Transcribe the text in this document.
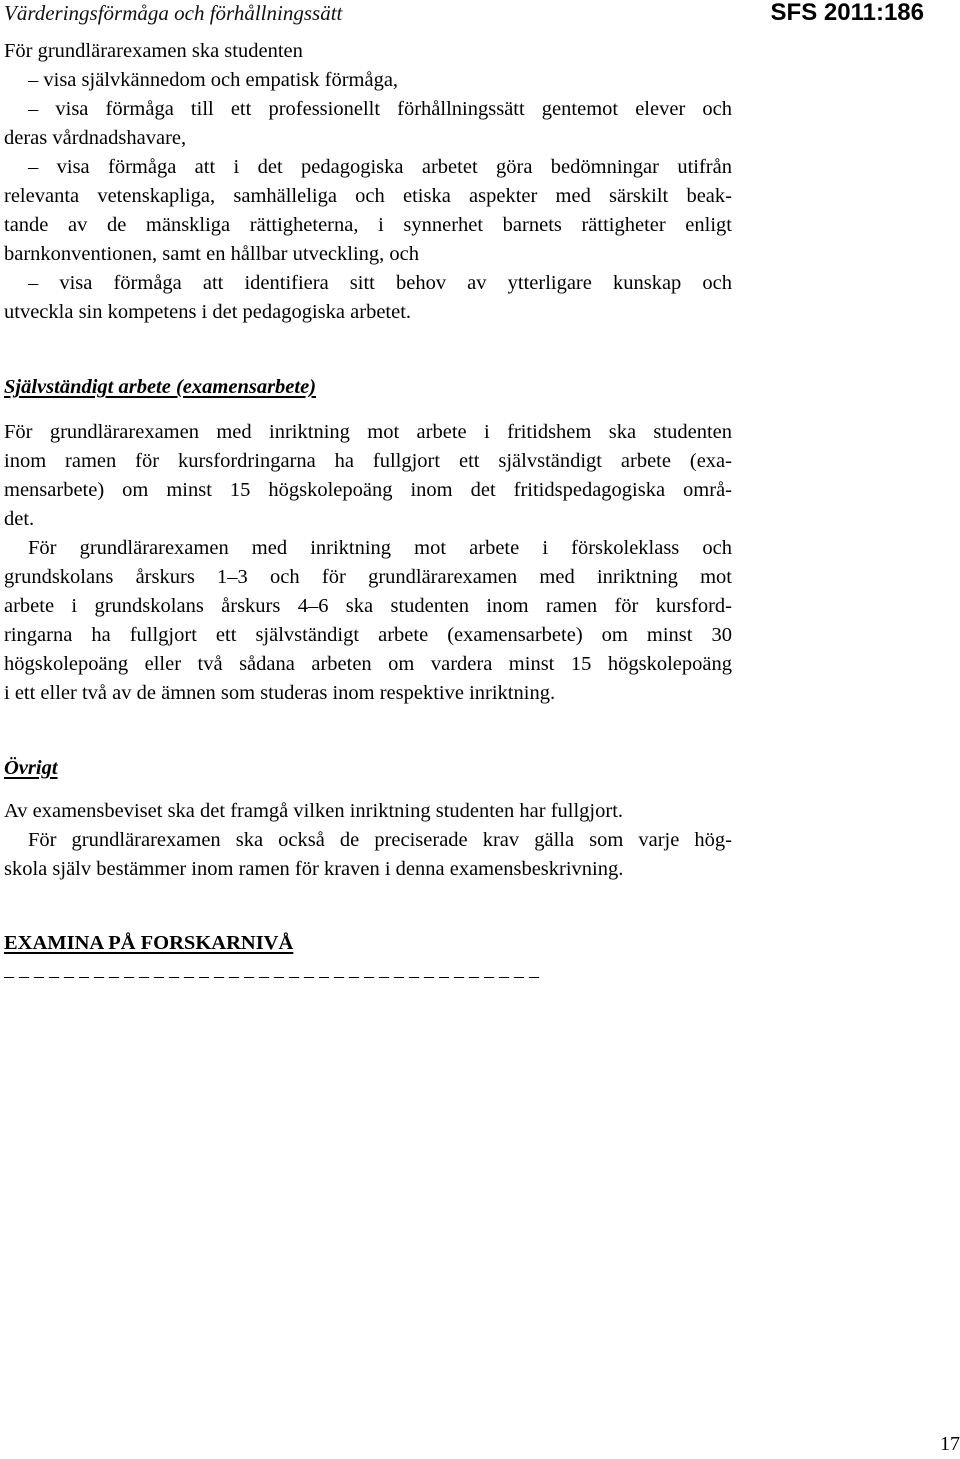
Värderingsförmåga och förhållningssätt	SFS 2011:186
För grundlärarexamen ska studenten
– visa självkännedom och empatisk förmåga,
– visa förmåga till ett professionellt förhållningssätt gentemot elever och
deras vårdnadshavare,
– visa förmåga att i det pedagogiska arbetet göra bedömningar utifrån
relevanta vetenskapliga, samhälleliga och etiska aspekter med särskilt beak-
tande av de mänskliga rättigheterna, i synnerhet barnets rättigheter enligt
barnkonventionen, samt en hållbar utveckling, och
– visa förmåga att identifiera sitt behov av ytterligare kunskap och
utveckla sin kompetens i det pedagogiska arbetet.
Självständigt arbete (examensarbete)
För grundlärarexamen med inriktning mot arbete i fritidshem ska studenten
inom ramen för kursfordringarna ha fullgjort ett självständigt arbete (exa-
mensarbete) om minst 15 högskolepoäng inom det fritidspedagogiska områ-
det.
För grundlärarexamen med inriktning mot arbete i förskoleklass och
grundskolans årskurs 1–3 och för grundlärarexamen med inriktning mot
arbete i grundskolans årskurs 4–6 ska studenten inom ramen för kursford-
ringarna ha fullgjort ett självständigt arbete (examensarbete) om minst 30
högskolepoäng eller två sådana arbeten om vardera minst 15 högskolepoäng
i ett eller två av de ämnen som studeras inom respektive inriktning.
Övrigt
Av examensbeviset ska det framgå vilken inriktning studenten har fullgjort.
För grundlärarexamen ska också de preciserade krav gälla som varje hög-
skola själv bestämmer inom ramen för kraven i denna examensbeskrivning.
EXAMINA PÅ FORSKARNIVÅ
– – – – – – – – – – – – – – – – – – – – – – – – – – – – – – – – – – – –
17
